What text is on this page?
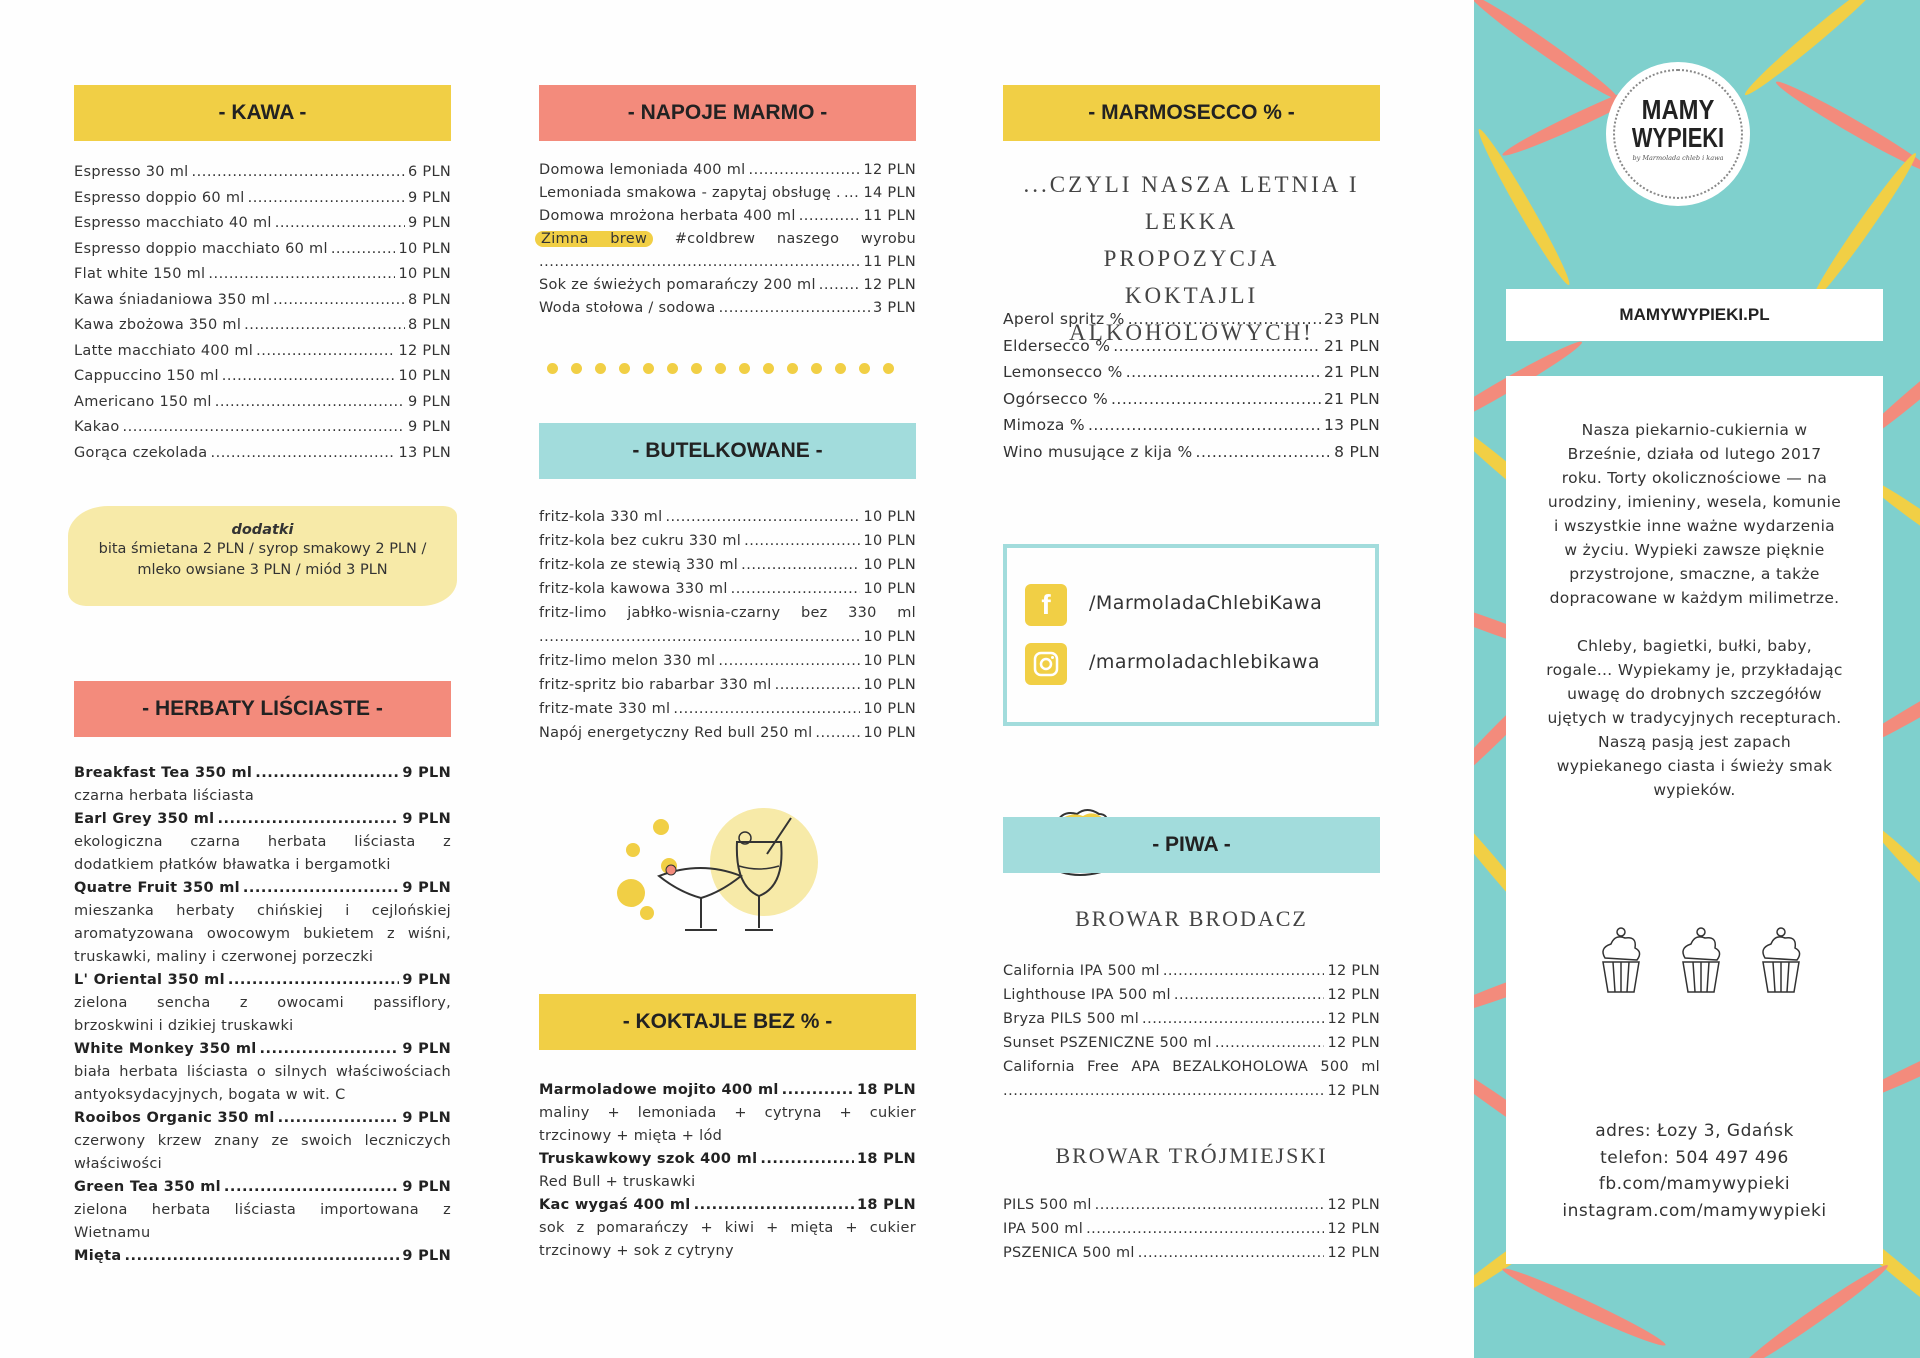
- KAWA -
Espresso 30 ml .....	6 PLN
Espresso doppio 60 ml .....	9 PLN
Espresso macchiato 40 ml .....	9 PLN
Espresso doppio macchiato 60 ml .....	10 PLN
Flat white 150 ml .....	10 PLN
Kawa śniadaniowa 350 ml .....	8 PLN
Kawa zbożowa 350 ml .....	8 PLN
Latte macchiato 400 ml .....	12 PLN
Cappuccino 150 ml .....	10 PLN
Americano 150 ml .....	9 PLN
Kakao .....	9 PLN
Gorąca czekolada .....	13 PLN
dodatki
bita śmietana 2 PLN / syrop smakowy 2 PLN /
mleko owsiane 3 PLN / miód 3 PLN
- HERBATY LIŚCIASTE -
Breakfast Tea 350 ml .....	9 PLN
czarna herbata liściasta
Earl Grey 350 ml .....	9 PLN
ekologiczna czarna herbata liściasta z
dodatkiem płatków bławatka i bergamotki
Quatre Fruit 350 ml .....	9 PLN
mieszanka herbaty chińskiej i cejlońskiej
aromatyzowana owocowym bukietem z wiśni,
truskawki, maliny i czerwonej porzeczki
L' Oriental 350 ml .....	9 PLN
zielona sencha z owocami passiflory,
brzoskwini i dzikiej truskawki
White Monkey 350 ml .....	9 PLN
biała herbata liściasta o silnych właściwościach
antyoksydacyjnych, bogata w wit. C
Rooibos Organic 350 ml .....	9 PLN
czerwony krzew znany ze swoich leczniczych
właściwości
Green Tea 350 ml .....	9 PLN
zielona herbata liściasta importowana z
Wietnamu
Mięta .....	9 PLN
- NAPOJE MARMO -
Domowa lemoniada 400 ml .....	12 PLN
Lemoniada smakowa - zapytaj obsługę . ..... 14 PLN
Domowa mrożona herbata 400 ml .....	11 PLN
Zimna brew #coldbrew naszego wyrobu
.....
11 PLN
Sok ze świeżych pomarańczy 200 ml .....	12 PLN
Woda stołowa / sodowa .....	3 PLN
- BUTELKOWANE -
fritz-kola 330 ml .....	10 PLN
fritz-kola bez cukru 330 ml .....	10 PLN
fritz-kola ze stewią 330 ml .....	10 PLN
fritz-kola kawowa 330 ml .....	10 PLN
fritz-limo jabłko-wisnia-czarny bez 330 ml
.....
10 PLN
fritz-limo melon 330 ml .....	10 PLN
fritz-spritz bio rabarbar 330 ml .....	10 PLN
fritz-mate 330 ml .....	10 PLN
Napój energetyczny Red bull 250 ml .....	10 PLN
- KOKTAJLE BEZ % -
Marmoladowe mojito 400 ml .....	18 PLN
maliny + lemoniada + cytryna + cukier
trzcinowy + mięta + lód
Truskawkowy szok 400 ml .....	18 PLN
Red Bull + truskawki
Kac wygaś 400 ml .....	18 PLN
sok z pomarańczy + kiwi + mięta + cukier
trzcinowy + sok z cytryny
- MARMOSECCO % -
...CZYLI NASZA LETNIA I LEKKA
PROPOZYCJA
KOKTAJLI ALKOHOLOWYCH!
Aperol spritz % .....	23 PLN
Eldersecco % .....	21 PLN
Lemonsecco % .....	21 PLN
Ogórsecco % .....	21 PLN
Mimoza % .....	13 PLN
Wino musujące z kija % .....	8 PLN
f	/MarmoladaChlebiKawa
/marmoladachlebikawa
- PIWA -
BROWAR BRODACZ
California IPA 500 ml .....	12 PLN
Lighthouse IPA 500 ml .....	12 PLN
Bryza PILS 500 ml .....	12 PLN
Sunset PSZENICZNE 500 ml .....	12 PLN
California Free APA BEZALKOHOLOWA 500 ml
.....
12 PLN
BROWAR TRÓJMIEJSKI
PILS 500 ml .....	12 PLN
IPA 500 ml .....	12 PLN
PSZENICA 500 ml .....	12 PLN
MAMY
WYPIEKI
by Marmolada chleb i kawa
MAMYWYPIEKI.PL
Nasza piekarnio-cukiernia w
Brześnie, działa od lutego 2017
roku. Torty okolicznościowe — na
urodziny, imieniny, wesela, komunie
i wszystkie inne ważne wydarzenia
w życiu. Wypieki zawsze pięknie
przystrojone, smaczne, a także
dopracowane w każdym milimetrze.
Chleby, bagietki, bułki, baby,
rogale… Wypiekamy je, przykładając
uwagę do drobnych szczegółów
ujętych w tradycyjnych recepturach.
Naszą pasją jest zapach
wypiekanego ciasta i świeży smak
wypieków.
adres: Łozy 3, Gdańsk
telefon: 504 497 496
fb.com/mamywypieki
instagram.com/mamywypieki
